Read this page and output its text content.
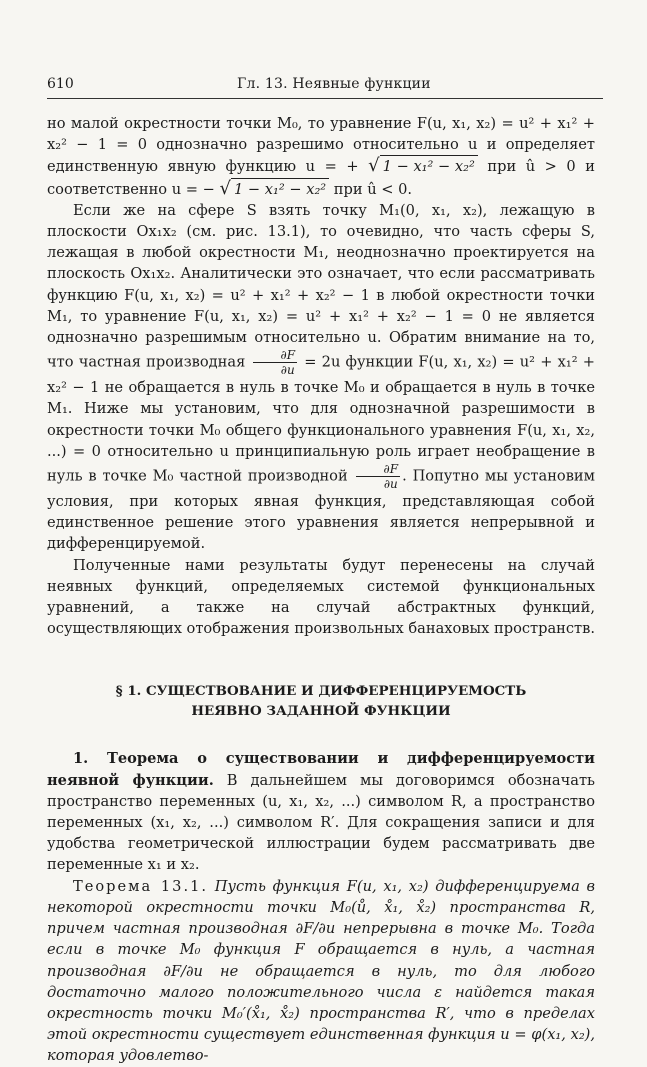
610	Гл. 13. Неявные функции

но малой окрестности точки M₀, то уравнение F(u, x₁, x₂) = u² + x₁² + x₂² − 1 = 0 однозначно разрешимо относительно u и определяет единственную явную функцию u = + √ 1 − x₁² − x₂² при û > 0 и соответственно u = − √ 1 − x₁² − x₂² при û < 0.

Если же на сфере S взять точку M₁(0, x₁, x₂), лежащую в плоскости Ox₁x₂ (см. рис. 13.1), то очевидно, что часть сферы S, лежащая в любой окрестности M₁, неоднозначно проектируется на плоскость Ox₁x₂. Аналитически это означает, что если рассматривать функцию F(u, x₁, x₂) = u² + x₁² + x₂² − 1 в любой окрестности точки M₁, то уравнение F(u, x₁, x₂) = u² + x₁² + x₂² − 1 = 0 не является однозначно разрешимым относительно u. Обратим внимание на то, что частная производная $\frac{\partial F}{\partial u} = 2u$ функции F(u, x₁, x₂) = u² + x₁² + x₂² − 1 не обращается в нуль в точке M₀ и обращается в нуль в точке M₁. Ниже мы установим, что для однозначной разрешимости в окрестности точки M₀ общего функционального уравнения F(u, x₁, x₂, ...) = 0 относительно u принципиальную роль играет необращение в нуль в точке M₀ частной производной $\frac{\partial F}{\partial u}$ . Попутно мы установим условия, при которых явная функция, представляющая собой единственное решение этого уравнения является непрерывной и дифференцируемой.

Полученные нами результаты будут перенесены на случай неявных функций, определяемых системой функциональных уравнений, а также на случай абстрактных функций, осуществляющих отображения произвольных банаховых пространств.

§ 1. СУЩЕСТВОВАНИЕ И ДИФФЕРЕНЦИРУЕМОСТЬ
НЕЯВНО ЗАДАННОЙ ФУНКЦИИ

1. Теорема о существовании и дифференцируемости неявной функции. В дальнейшем мы договоримся обозначать пространство переменных (u, x₁, x₂, ...) символом R, а пространство переменных (x₁, x₂, ...) символом R′. Для сокращения записи и для удобства геометрической иллюстрации будем рассматривать две переменные x₁ и x₂.

Теорема 13.1. Пусть функция F(u, x₁, x₂) дифференцируема в некоторой окрестности точки M₀(ů, x̊₁, x̊₂) пространства R, причем частная производная ∂F/∂u непрерывна в точке M₀. Тогда если в точке M₀ функция F обращается в нуль, а частная производная ∂F/∂u не обращается в нуль, то для любого достаточно малого положительного числа ε найдется такая окрестность точки M₀′(x̊₁, x̊₂) пространства R′, что в пределах этой окрестности существует единственная функция u = φ(x₁, x₂), которая удовлетво-
